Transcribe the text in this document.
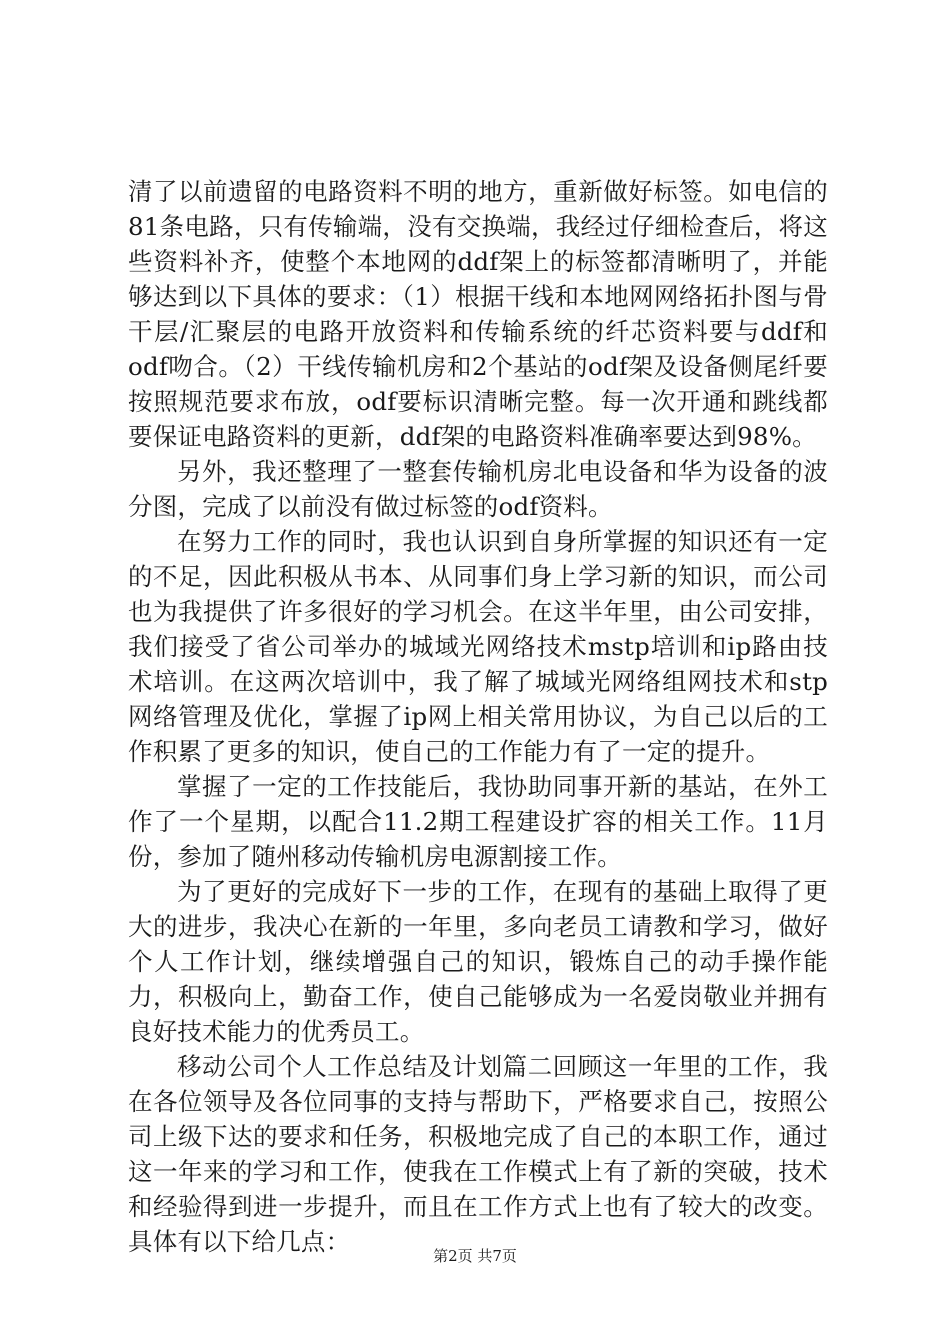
清了以前遗留的电路资料不明的地方，重新做好标签。如电信的81条电路，只有传输端，没有交换端，我经过仔细检查后，将这些资料补齐，使整个本地网的ddf架上的标签都清晰明了，并能够达到以下具体的要求：（1）根据干线和本地网网络拓扑图与骨干层/汇聚层的电路开放资料和传输系统的纤芯资料要与ddf和odf吻合。（2）干线传输机房和2个基站的odf架及设备侧尾纤要按照规范要求布放，odf要标识清晰完整。每一次开通和跳线都要保证电路资料的更新，ddf架的电路资料准确率要达到98%。

另外，我还整理了一整套传输机房北电设备和华为设备的波分图，完成了以前没有做过标签的odf资料。

在努力工作的同时，我也认识到自身所掌握的知识还有一定的不足，因此积极从书本、从同事们身上学习新的知识，而公司也为我提供了许多很好的学习机会。在这半年里，由公司安排，我们接受了省公司举办的城域光网络技术mstp培训和ip路由技术培训。在这两次培训中，我了解了城域光网络组网技术和stp网络管理及优化，掌握了ip网上相关常用协议，为自己以后的工作积累了更多的知识，使自己的工作能力有了一定的提升。

掌握了一定的工作技能后，我协助同事开新的基站，在外工作了一个星期，以配合11.2期工程建设扩容的相关工作。11月份，参加了随州移动传输机房电源割接工作。

为了更好的完成好下一步的工作，在现有的基础上取得了更大的进步，我决心在新的一年里，多向老员工请教和学习，做好个人工作计划，继续增强自己的知识，锻炼自己的动手操作能力，积极向上，勤奋工作，使自己能够成为一名爱岗敬业并拥有良好技术能力的优秀员工。

移动公司个人工作总结及计划篇二回顾这一年里的工作，我在各位领导及各位同事的支持与帮助下，严格要求自己，按照公司上级下达的要求和任务，积极地完成了自己的本职工作，通过这一年来的学习和工作，使我在工作模式上有了新的突破，技术和经验得到进一步提升，而且在工作方式上也有了较大的改变。具体有以下给几点：	第2页 共7页
